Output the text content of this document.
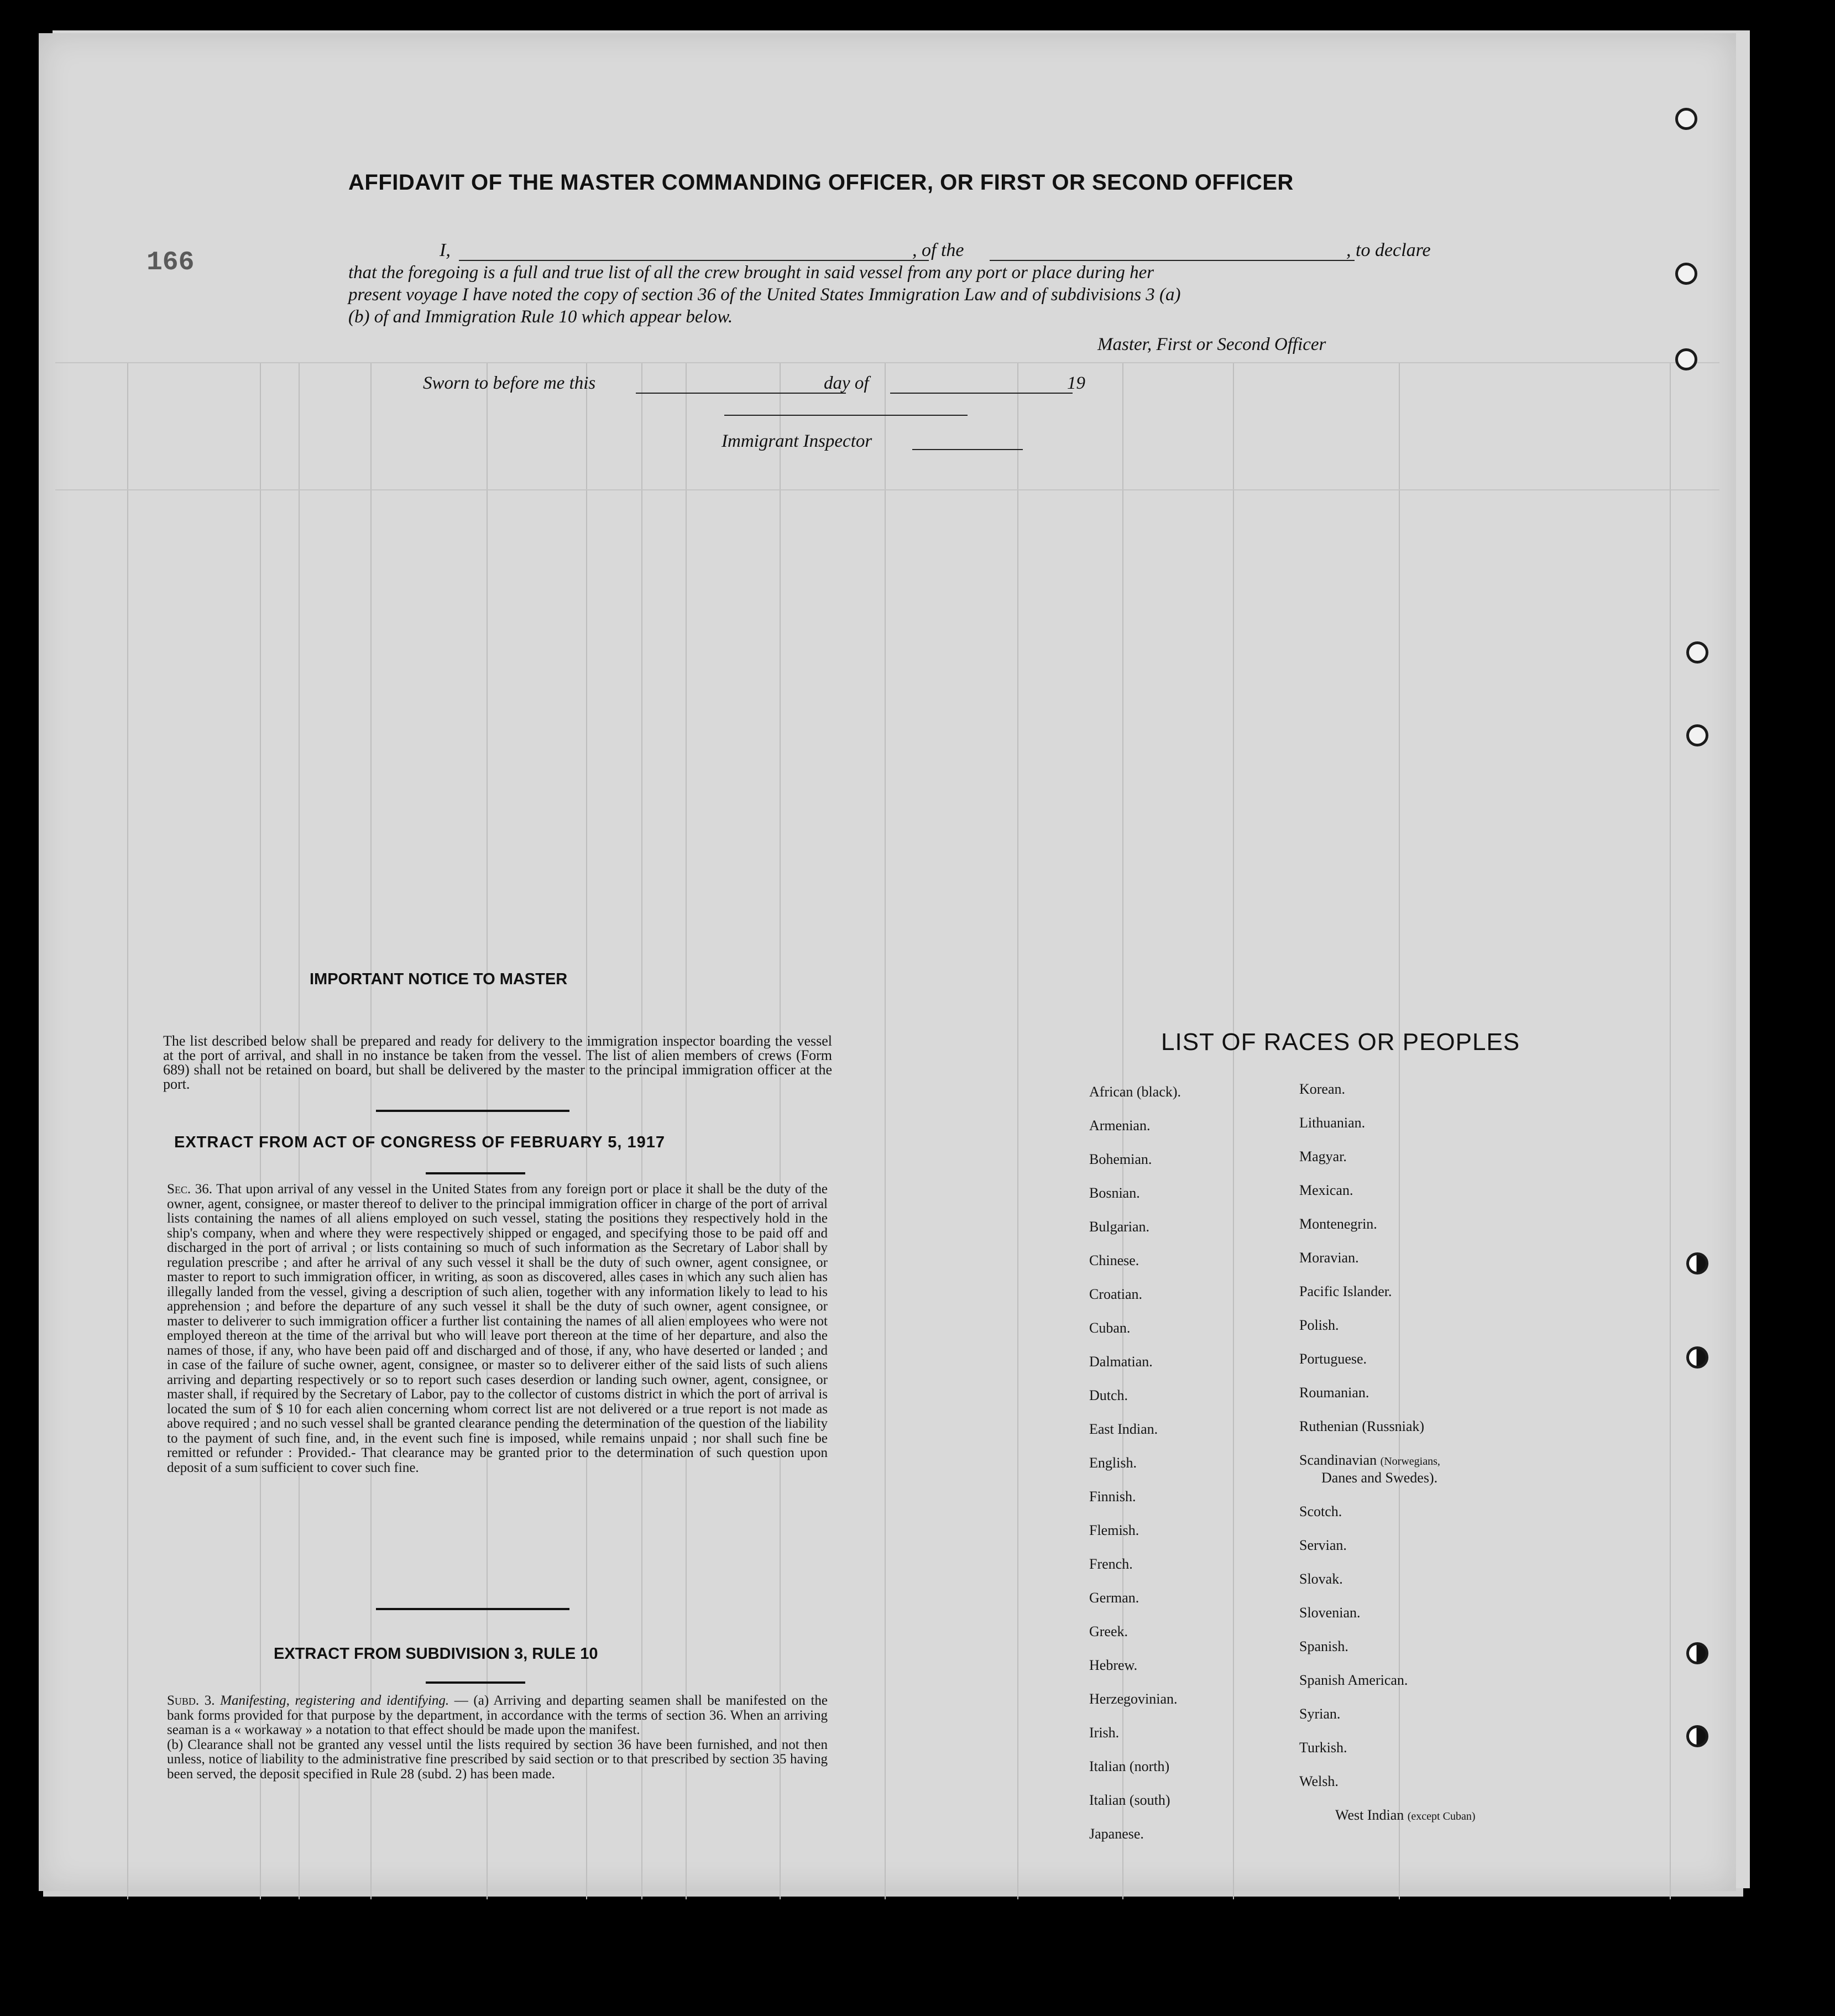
166
AFFIDAVIT OF THE MASTER COMMANDING OFFICER, OR FIRST OR SECOND OFFICER
I,	, of the	, to declare
that the foregoing is a full and true list of all the crew brought in said vessel from any port or place during her
present voyage I have noted the copy of section 36 of the United States Immigration Law and of subdivisions 3 (a)
(b) of and Immigration Rule 10 which appear below.
Master, First or Second Officer
Sworn to before me this	day of	19
Immigrant Inspector
IMPORTANT NOTICE TO MASTER
The list described below shall be prepared and ready for delivery to the immigration inspector boarding the vessel at the port of arrival, and shall in no instance be taken from the vessel. The list of alien members of crews (Form 689) shall not be retained on board, but shall be delivered by the master to the principal immigration officer at the port.
EXTRACT FROM ACT OF CONGRESS OF FEBRUARY 5, 1917
Sec. 36. That upon arrival of any vessel in the United States from any foreign port or place it shall be the duty of the owner, agent, consignee, or master thereof to deliver to the principal immigration officer in charge of the port of arrival lists containing the names of all aliens employed on such vessel, stating the positions they respectively hold in the ship's company, when and where they were respectively shipped or engaged, and specifying those to be paid off and discharged in the port of arrival ; or lists containing so much of such information as the Secretary of Labor shall by regulation prescribe ; and after he arrival of any such vessel it shall be the duty of such owner, agent consignee, or master to report to such immigration officer, in writing, as soon as discovered, alles cases in which any such alien has illegally landed from the vessel, giving a description of such alien, together with any information likely to lead to his apprehension ; and before the departure of any such vessel it shall be the duty of such owner, agent consignee, or master to deliverer to such immigration officer a further list containing the names of all alien employees who were not employed thereon at the time of the arrival but who will leave port thereon at the time of her departure, and also the names of those, if any, who have been paid off and discharged and of those, if any, who have deserted or landed ; and in case of the failure of suche owner, agent, consignee, or master so to deliverer either of the said lists of such aliens arriving and departing respectively or so to report such cases deserdion or landing such owner, agent, consignee, or master shall, if required by the Secretary of Labor, pay to the collector of customs district in which the port of arrival is located the sum of $ 10 for each alien concerning whom correct list are not delivered or a true report is not made as above required ; and no such vessel shall be granted clearance pending the determination of the question of the liability to the payment of such fine, and, in the event such fine is imposed, while remains unpaid ; nor shall such fine be remitted or refunder : Provided.- That clearance may be granted prior to the determination of such question upon deposit of a sum sufficient to cover such fine.
EXTRACT FROM SUBDIVISION 3, RULE 10

Subd. 3. Manifesting, registering and identifying. — (a) Arriving and departing seamen shall be manifested on the bank forms provided for that purpose by the department, in accordance with the terms of section 36. When an arriving seaman is a « workaway » a notation to that effect should be made upon the manifest.

(b) Clearance shall not be granted any vessel until the lists required by section 36 have been furnished, and not then unless, notice of liability to the administrative fine prescribed by said section or to that prescribed by section 35 having been served, the deposit specified in Rule 28 (subd. 2) has been made.

LIST OF RACES OR PEOPLES
African (black).
Armenian.
Bohemian.
Bosnian.
Bulgarian.
Chinese.
Croatian.
Cuban.
Dalmatian.
Dutch.
East Indian.
English.
Finnish.
Flemish.
French.
German.
Greek.
Hebrew.
Herzegovinian.
Irish.
Italian (north)
Italian (south)
Japanese.
Korean.
Lithuanian.
Magyar.
Mexican.
Montenegrin.
Moravian.
Pacific Islander.
Polish.
Portuguese.
Roumanian.
Ruthenian (Russniak)
Scandinavian (Norwegians,
Danes and Swedes).
Scotch.
Servian.
Slovak.
Slovenian.
Spanish.
Spanish American.
Syrian.
Turkish.
Welsh.
West Indian (except Cuban)
